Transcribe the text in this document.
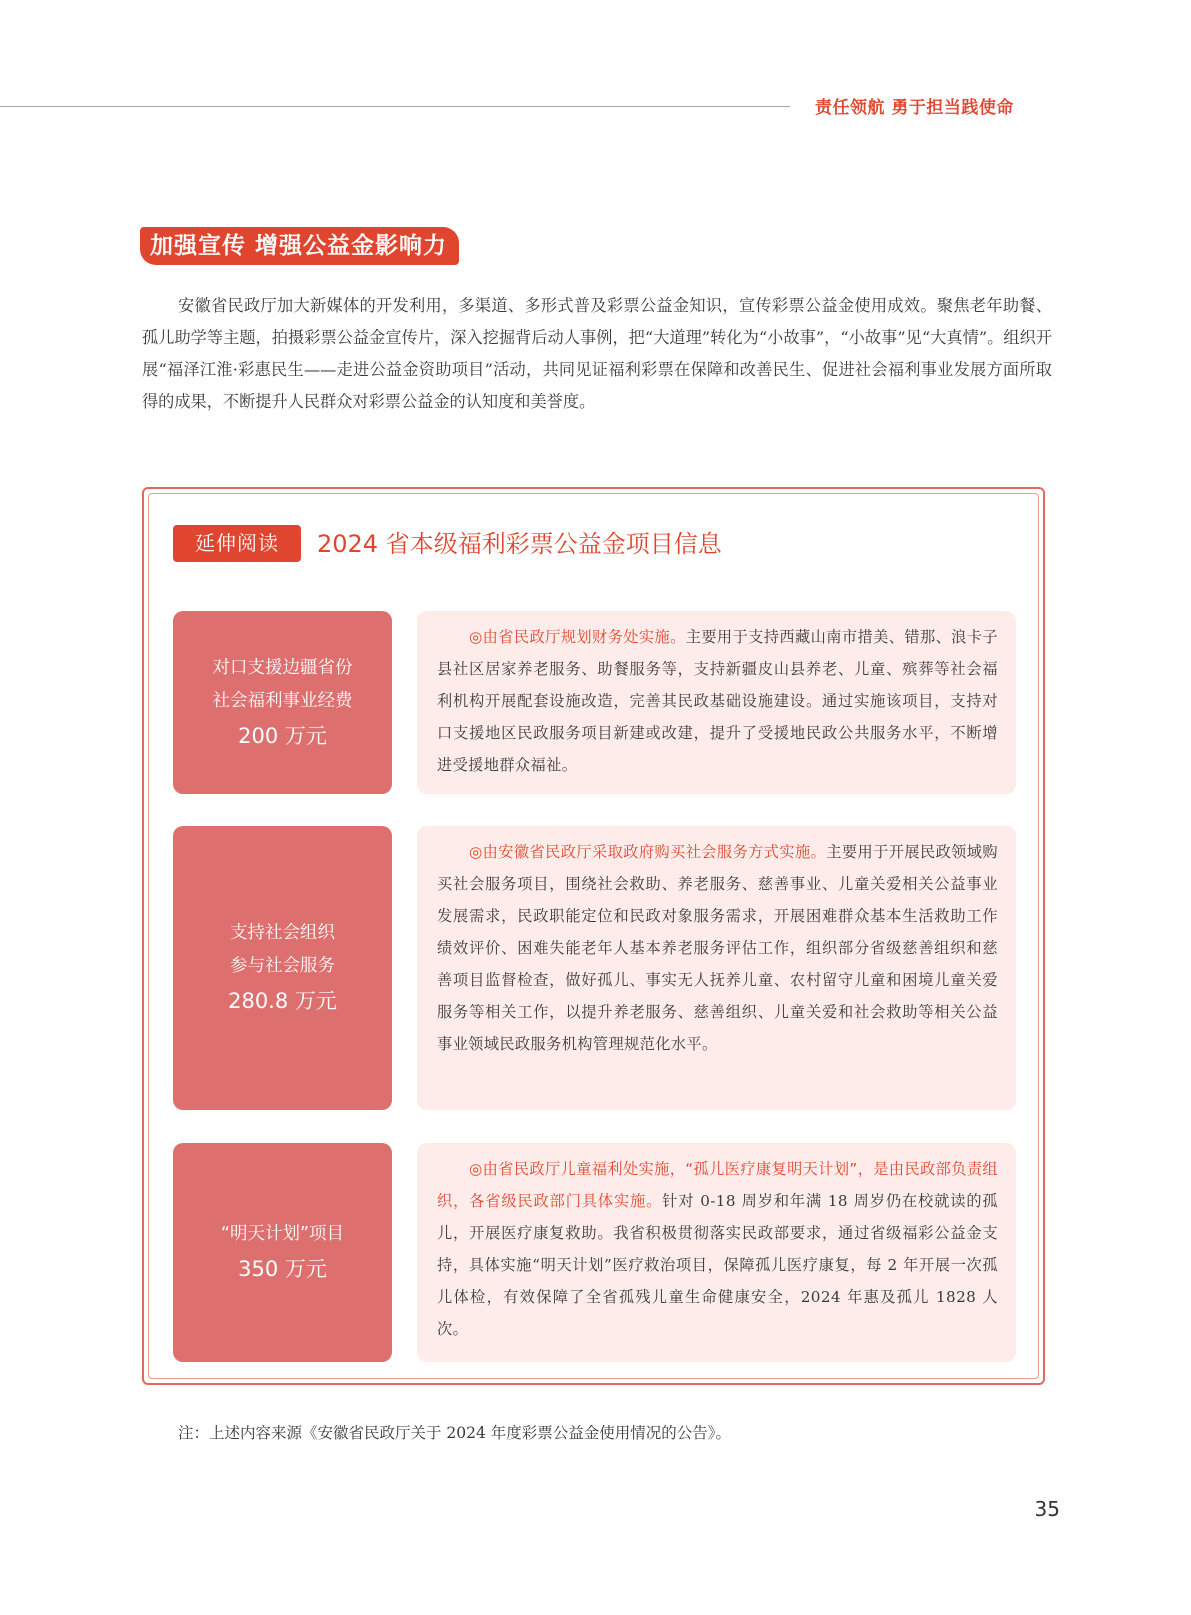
责任领航 勇于担当践使命
加强宣传 增强公益金影响力

安徽省民政厅加大新媒体的开发利用，多渠道、多形式普及彩票公益金知识，宣传彩票公益金使用成效。聚焦老年助餐、孤儿助学等主题，拍摄彩票公益金宣传片，深入挖掘背后动人事例，把“大道理”转化为“小故事”，“小故事”见“大真情”。组织开展“福泽江淮·彩惠民生——走进公益金资助项目”活动，共同见证福利彩票在保障和改善民生、促进社会福利事业发展方面所取得的成果，不断提升人民群众对彩票公益金的认知度和美誉度。

延伸阅读	2024 省本级福利彩票公益金项目信息
对口支援边疆省份
社会福利事业经费
200 万元

◎由省民政厅规划财务处实施。主要用于支持西藏山南市措美、错那、浪卡子县社区居家养老服务、助餐服务等，支持新疆皮山县养老、儿童、殡葬等社会福利机构开展配套设施改造，完善其民政基础设施建设。通过实施该项目，支持对口支援地区民政服务项目新建或改建，提升了受援地民政公共服务水平，不断增进受援地群众福祉。

支持社会组织
参与社会服务
280.8 万元

◎由安徽省民政厅采取政府购买社会服务方式实施。主要用于开展民政领域购买社会服务项目，围绕社会救助、养老服务、慈善事业、儿童关爱相关公益事业发展需求，民政职能定位和民政对象服务需求，开展困难群众基本生活救助工作绩效评价、困难失能老年人基本养老服务评估工作，组织部分省级慈善组织和慈善项目监督检查，做好孤儿、事实无人抚养儿童、农村留守儿童和困境儿童关爱服务等相关工作，以提升养老服务、慈善组织、儿童关爱和社会救助等相关公益事业领域民政服务机构管理规范化水平。

“明天计划”项目
350 万元

◎由省民政厅儿童福利处实施，“孤儿医疗康复明天计划”，是由民政部负责组织，各省级民政部门具体实施。针对 0-18 周岁和年满 18 周岁仍在校就读的孤儿，开展医疗康复救助。我省积极贯彻落实民政部要求，通过省级福彩公益金支持，具体实施“明天计划”医疗救治项目，保障孤儿医疗康复，每 2 年开展一次孤儿体检，有效保障了全省孤残儿童生命健康安全，2024 年惠及孤儿 1828 人次。

注：上述内容来源《安徽省民政厅关于 2024 年度彩票公益金使用情况的公告》。
35
